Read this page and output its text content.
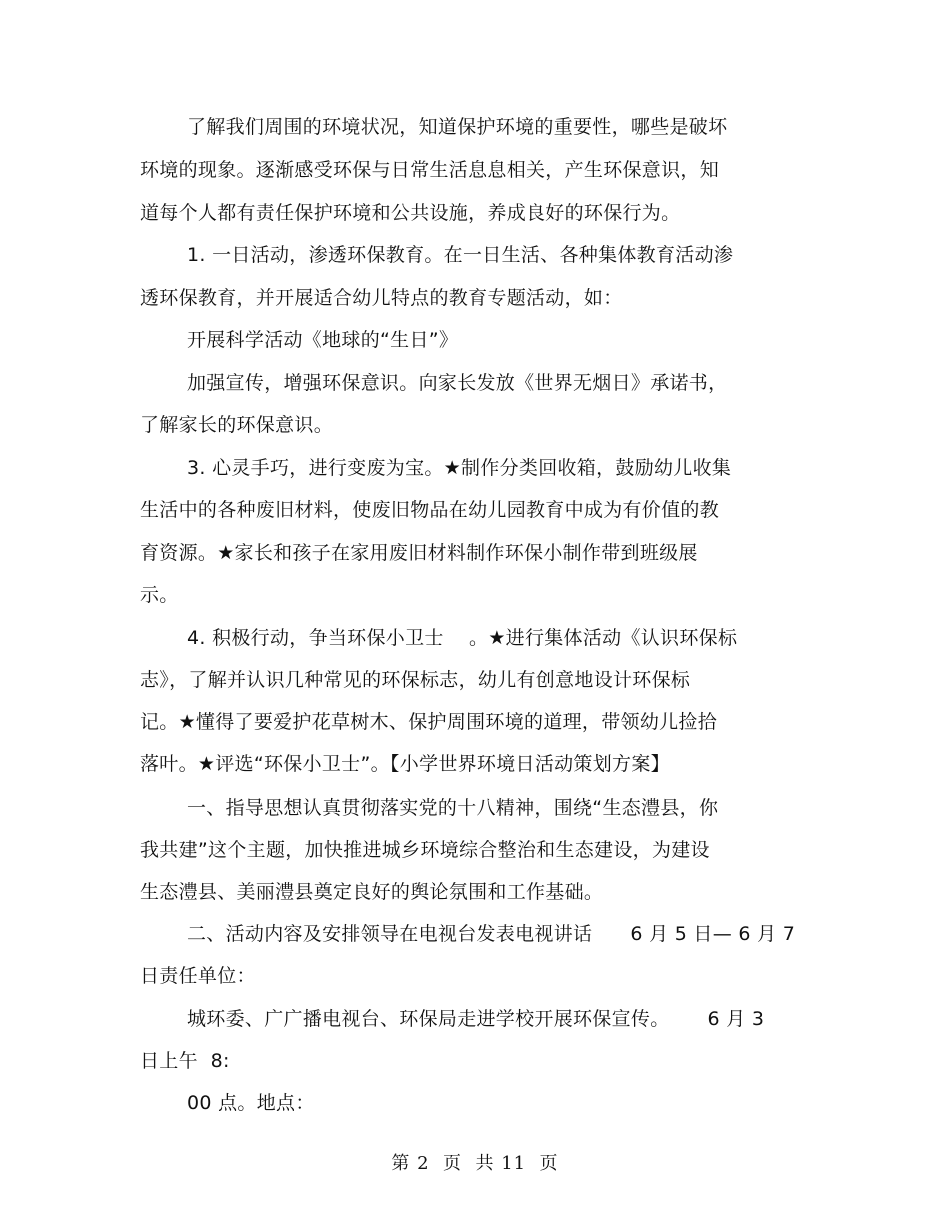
了解我们周围的环境状况，知道保护环境的重要性，哪些是破坏
环境的现象。逐渐感受环保与日常生活息息相关，产生环保意识，知
道每个人都有责任保护环境和公共设施，养成良好的环保行为。
1. 一日活动，渗透环保教育。在一日生活、各种集体教育活动渗
透环保教育，并开展适合幼儿特点的教育专题活动，如：
开展科学活动《地球的“生日”》
加强宣传，增强环保意识。向家长发放《世界无烟日》承诺书，
了解家长的环保意识。
3. 心灵手巧，进行变废为宝。★制作分类回收箱，鼓励幼儿收集
生活中的各种废旧材料，使废旧物品在幼儿园教育中成为有价值的教
育资源。★家长和孩子在家用废旧材料制作环保小制作带到班级展
示。
4. 积极行动，争当环保小卫士    。★进行集体活动《认识环保标
志》，了解并认识几种常见的环保标志，幼儿有创意地设计环保标
记。★懂得了要爱护花草树木、保护周围环境的道理，带领幼儿捡拾
落叶。★评选“环保小卫士”。【小学世界环境日活动策划方案】
一、指导思想认真贯彻落实党的十八精神，围绕“生态澧县，你
我共建”这个主题，加快推进城乡环境综合整治和生态建设，为建设
生态澧县、美丽澧县奠定良好的舆论氛围和工作基础。
二、活动内容及安排领导在电视台发表电视讲话      6 月 5 日— 6 月 7
日责任单位：
城环委、广广播电视台、环保局走进学校开展环保宣传。      6 月 3
日上午  8:
00 点。地点：
第 2  页  共 11  页
